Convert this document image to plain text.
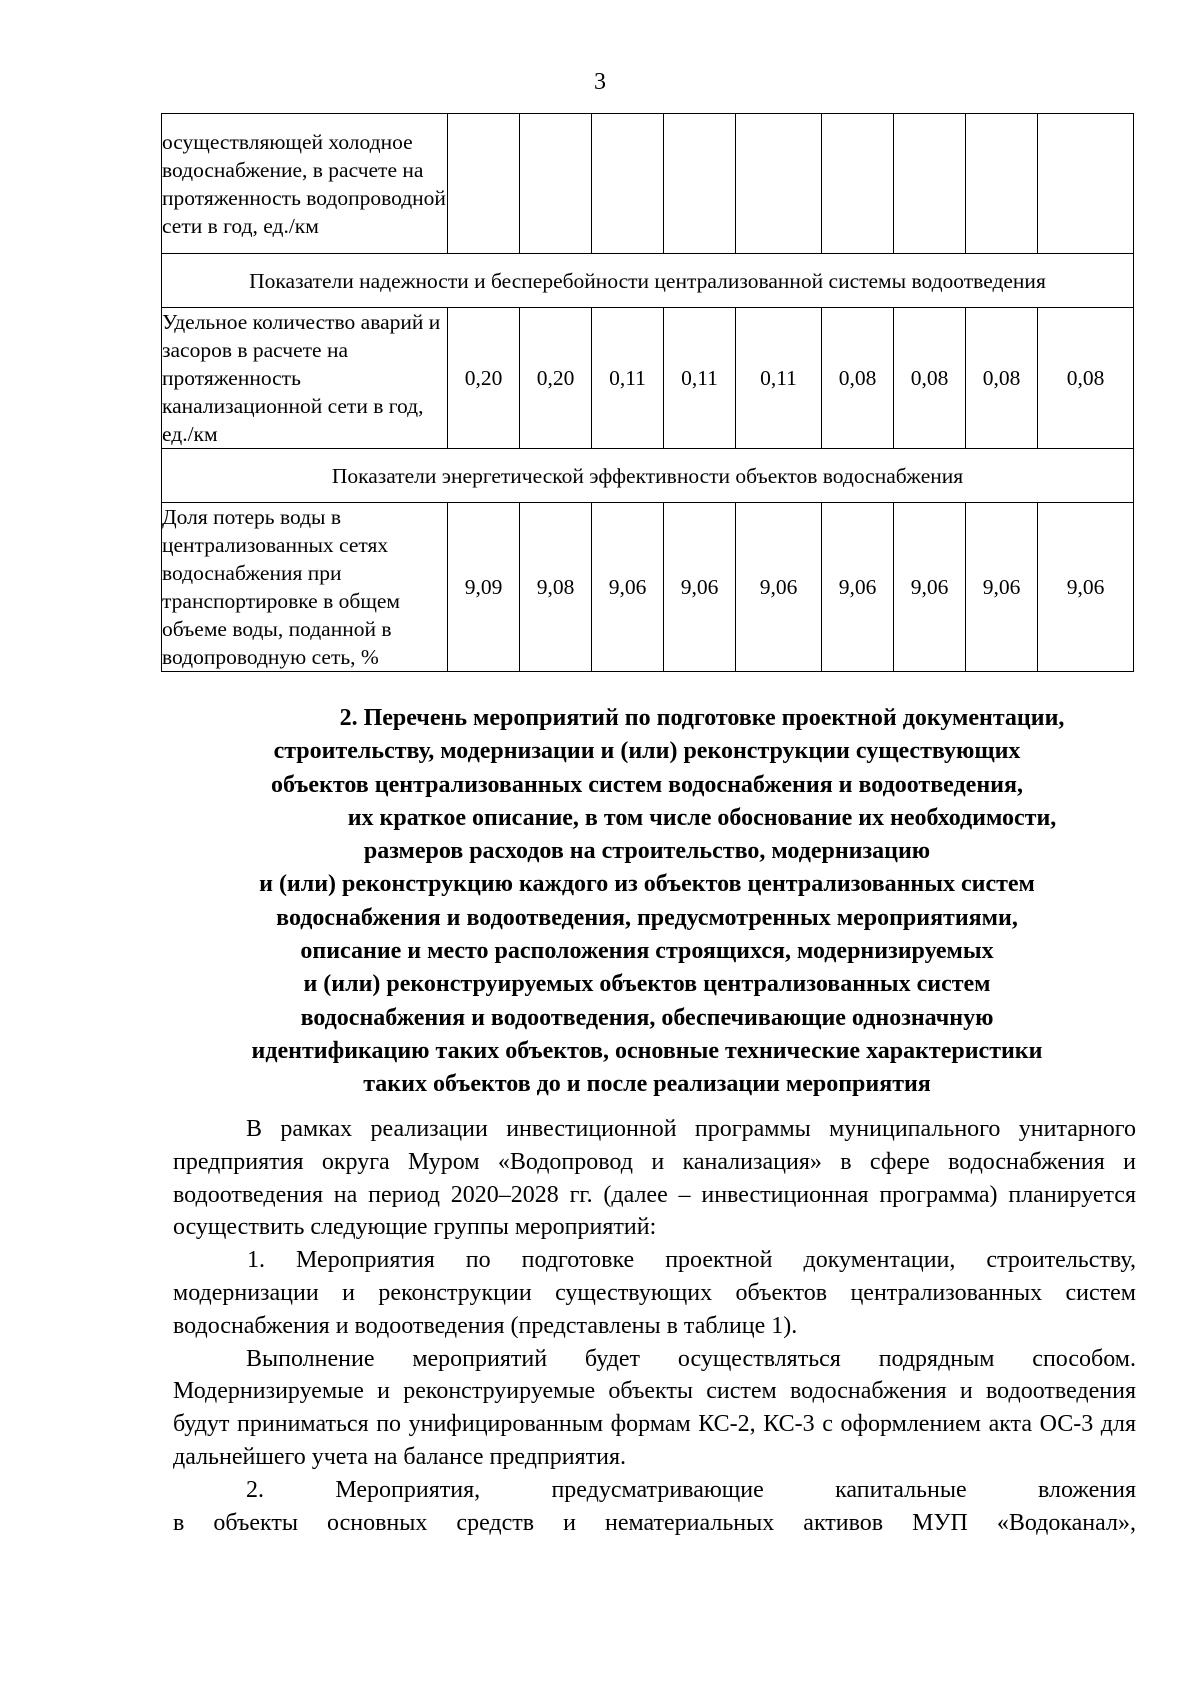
3
осуществляющей холодное водоснабжение, в расчете на протяженность водопроводной сети в год, ед./км									
Показатели надежности и бесперебойности централизованной системы водоотведения									
Удельное количество аварий и засоров в расчете на протяженность канализационной сети в год, ед./км	0,20	0,20	0,11	0,11	0,11	0,08	0,08	0,08	0,08
Показатели энергетической эффективности объектов водоснабжения									
Доля потерь воды в централизованных сетях водоснабжения при транспортировке в общем объеме воды, поданной в водопроводную сеть, %	9,09	9,08	9,06	9,06	9,06	9,06	9,06	9,06	9,06
2. Перечень мероприятий по подготовке проектной документации,
строительству, модернизации и (или) реконструкции существующих
объектов централизованных систем водоснабжения и водоотведения,
их краткое описание, в том числе обоснование их необходимости,
размеров расходов на строительство, модернизацию
и (или) реконструкцию каждого из объектов централизованных систем
водоснабжения и водоотведения, предусмотренных мероприятиями,
описание и место расположения строящихся, модернизируемых
и (или) реконструируемых объектов централизованных систем
водоснабжения и водоотведения, обеспечивающие однозначную
идентификацию таких объектов, основные технические характеристики
таких объектов до и после реализации мероприятия

В рамках реализации инвестиционной программы муниципального унитарного предприятия округа Муром «Водопровод и канализация» в сфере водоснабжения и водоотведения на период 2020–2028 гг. (далее – инвестиционная программа) планируется осуществить следующие группы мероприятий:

1. Мероприятия по подготовке проектной документации, строительству, модернизации и реконструкции существующих объектов централизованных систем водоснабжения и водоотведения (представлены в таблице 1).

Выполнение мероприятий будет осуществляться подрядным способом. Модернизируемые и реконструируемые объекты систем водоснабжения и водоотведения будут приниматься по унифицированным формам КС-2, КС-3 с оформлением акта ОС-3 для дальнейшего учета на балансе предприятия.

2. Мероприятия, предусматривающие капитальные вложения
в объекты основных средств и нематериальных активов МУП «Водоканал»,
